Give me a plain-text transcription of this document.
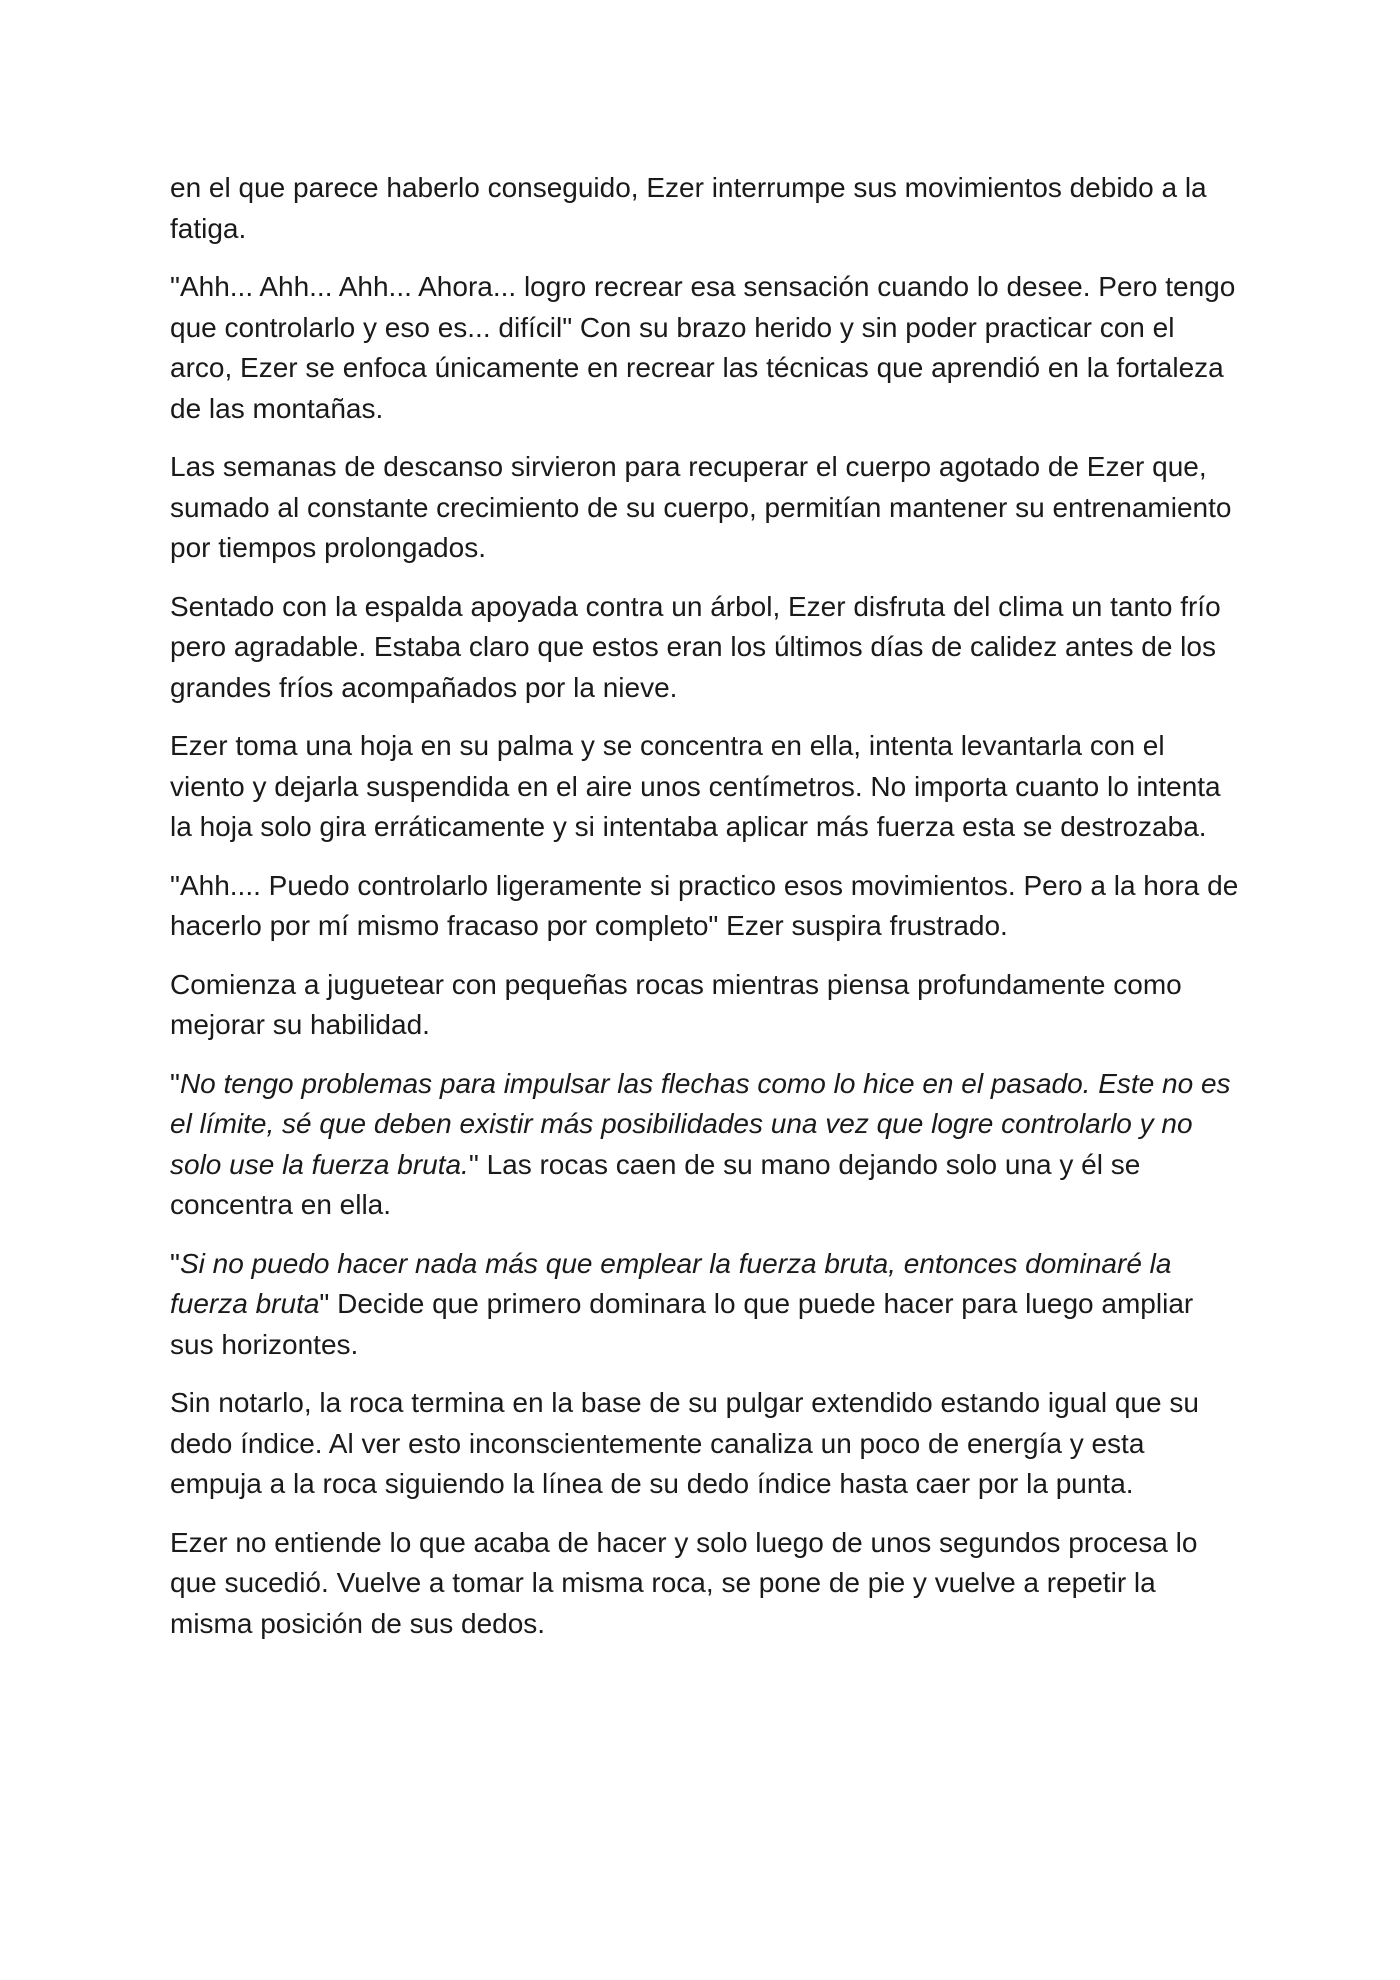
en el que parece haberlo conseguido, Ezer interrumpe sus movimientos debido a la fatiga.

"Ahh... Ahh... Ahh... Ahora... logro recrear esa sensación cuando lo desee. Pero tengo que controlarlo y eso es... difícil" Con su brazo herido y sin poder practicar con el arco, Ezer se enfoca únicamente en recrear las técnicas que aprendió en la fortaleza de las montañas.

Las semanas de descanso sirvieron para recuperar el cuerpo agotado de Ezer que, sumado al constante crecimiento de su cuerpo, permitían mantener su entrenamiento por tiempos prolongados.

Sentado con la espalda apoyada contra un árbol, Ezer disfruta del clima un tanto frío pero agradable. Estaba claro que estos eran los últimos días de calidez antes de los grandes fríos acompañados por la nieve.

Ezer toma una hoja en su palma y se concentra en ella, intenta levantarla con el viento y dejarla suspendida en el aire unos centímetros. No importa cuanto lo intenta la hoja solo gira erráticamente y si intentaba aplicar más fuerza esta se destrozaba.

"Ahh.... Puedo controlarlo ligeramente si practico esos movimientos. Pero a la hora de hacerlo por mí mismo fracaso por completo" Ezer suspira frustrado.

Comienza a juguetear con pequeñas rocas mientras piensa profundamente como mejorar su habilidad.

"No tengo problemas para impulsar las flechas como lo hice en el pasado. Este no es el límite, sé que deben existir más posibilidades una vez que logre controlarlo y no solo use la fuerza bruta." Las rocas caen de su mano dejando solo una y él se concentra en ella.

"Si no puedo hacer nada más que emplear la fuerza bruta, entonces dominaré la fuerza bruta" Decide que primero dominara lo que puede hacer para luego ampliar sus horizontes.

Sin notarlo, la roca termina en la base de su pulgar extendido estando igual que su dedo índice. Al ver esto inconscientemente canaliza un poco de energía y esta empuja a la roca siguiendo la línea de su dedo índice hasta caer por la punta.

Ezer no entiende lo que acaba de hacer y solo luego de unos segundos procesa lo que sucedió. Vuelve a tomar la misma roca, se pone de pie y vuelve a repetir la misma posición de sus dedos.
